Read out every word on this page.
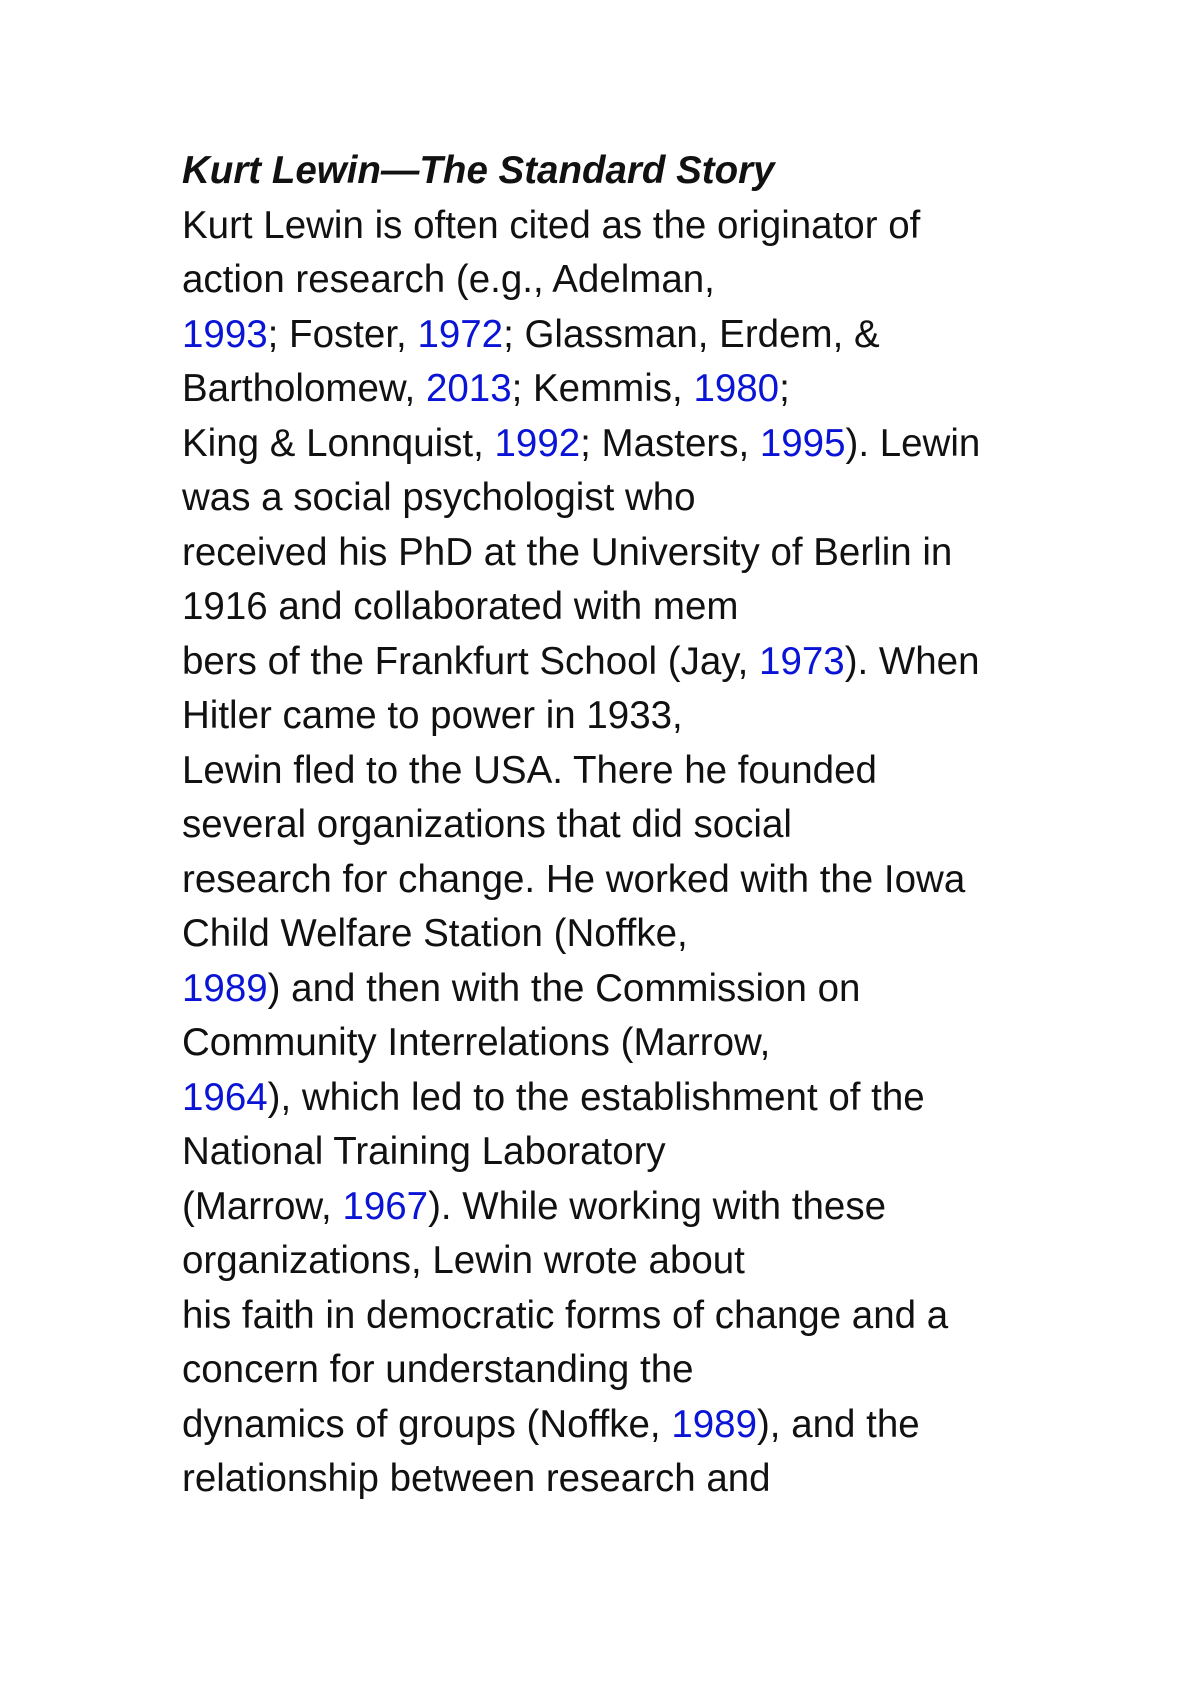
Kurt Lewin—The Standard Story
Kurt Lewin is often cited as the originator of
action research (e.g., Adelman,
1993; Foster, 1972; Glassman, Erdem, &
Bartholomew, 2013; Kemmis, 1980;
King & Lonnquist, 1992; Masters, 1995). Lewin
was a social psychologist who
received his PhD at the University of Berlin in
1916 and collaborated with mem
bers of the Frankfurt School (Jay, 1973). When
Hitler came to power in 1933,
Lewin fled to the USA. There he founded
several organizations that did social
research for change. He worked with the Iowa
Child Welfare Station (Noffke,
1989) and then with the Commission on
Community Interrelations (Marrow,
1964), which led to the establishment of the
National Training Laboratory
(Marrow, 1967). While working with these
organizations, Lewin wrote about
his faith in democratic forms of change and a
concern for understanding the
dynamics of groups (Noffke, 1989), and the
relationship between research and
